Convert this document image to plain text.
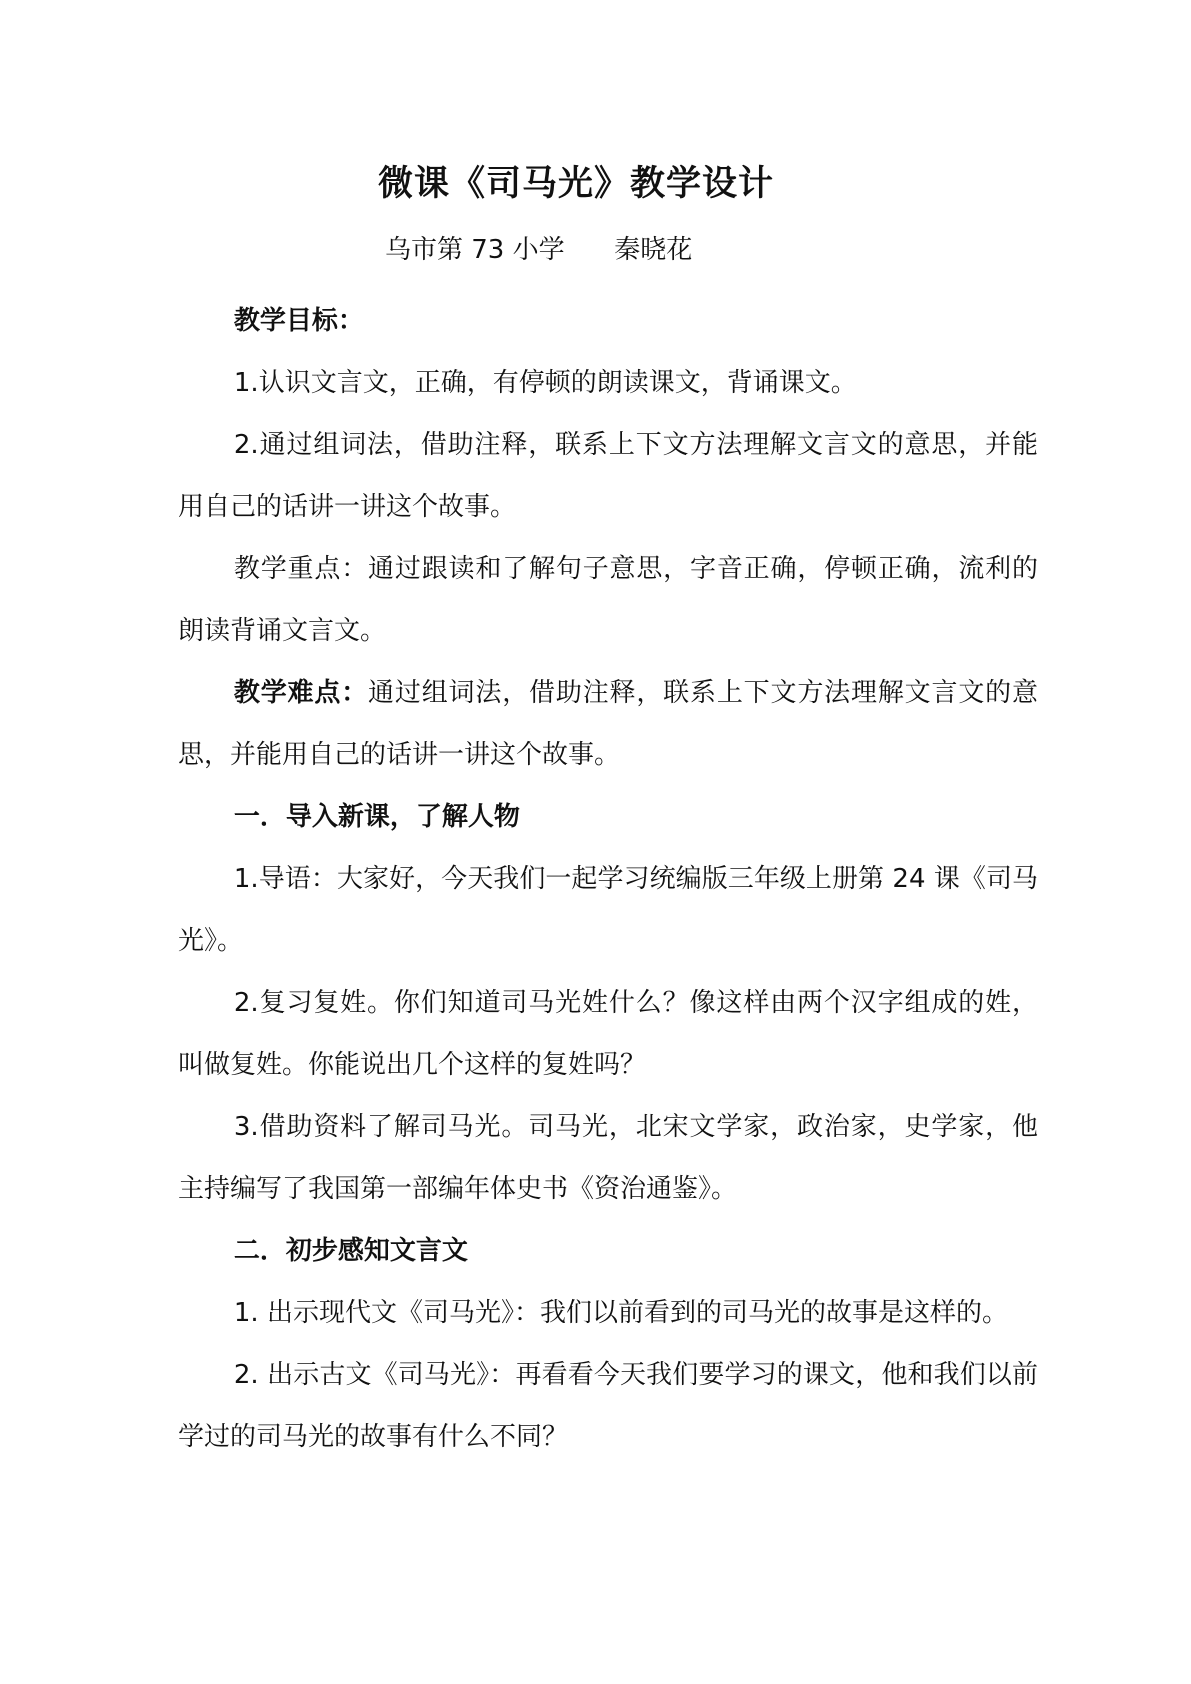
微课《司马光》教学设计
乌市第 73 小学      秦晓花

教学目标：

1.认识文言文，正确，有停顿的朗读课文，背诵课文。

2.通过组词法，借助注释，联系上下文方法理解文言文的意思，并能用自己的话讲一讲这个故事。

教学重点：通过跟读和了解句子意思，字音正确，停顿正确，流利的朗读背诵文言文。

教学难点：通过组词法，借助注释，联系上下文方法理解文言文的意思，并能用自己的话讲一讲这个故事。

一．导入新课，了解人物

1.导语：大家好，今天我们一起学习统编版三年级上册第 24 课《司马光》。

2.复习复姓。你们知道司马光姓什么？像这样由两个汉字组成的姓，叫做复姓。你能说出几个这样的复姓吗？

3.借助资料了解司马光。司马光，北宋文学家，政治家，史学家，他主持编写了我国第一部编年体史书《资治通鉴》。

二．初步感知文言文

1. 出示现代文《司马光》：我们以前看到的司马光的故事是这样的。

2. 出示古文《司马光》：再看看今天我们要学习的课文，他和我们以前学过的司马光的故事有什么不同？
